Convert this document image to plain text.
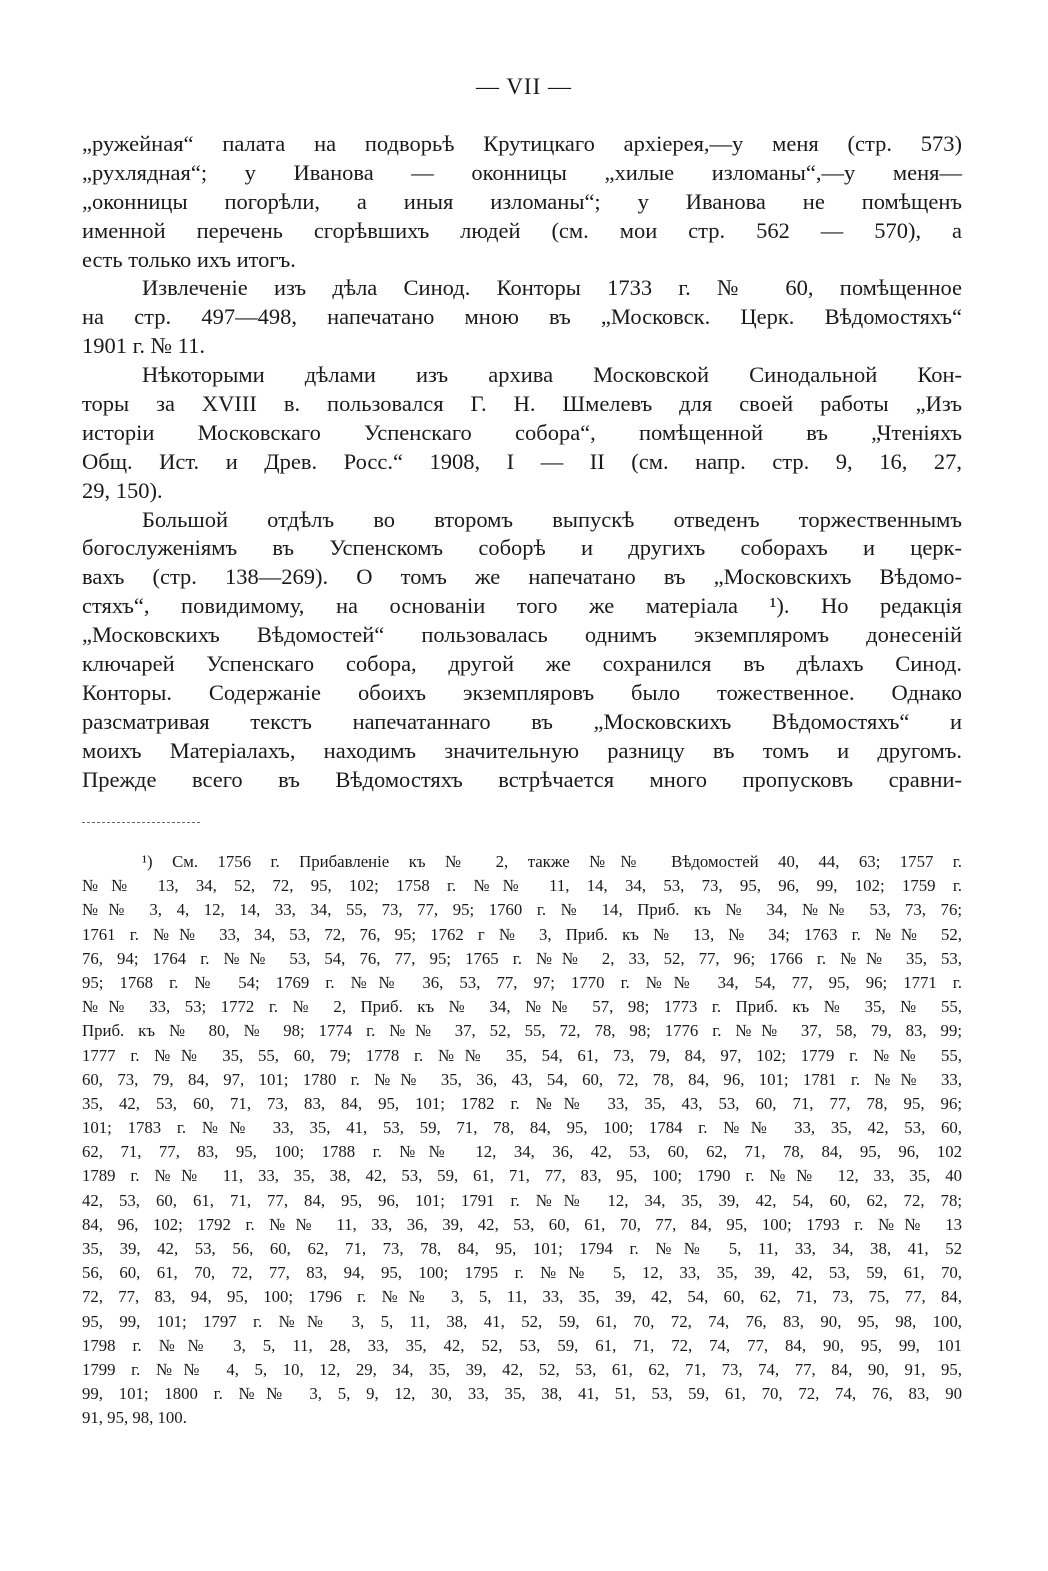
— VII —
„ружейная“ палата на подворьѣ Крутицкаго архіерея,—у меня (стр. 573)
„рухлядная“; у Иванова — оконницы „хилые изломаны“,—у меня—
„оконницы погорѣли, а иныя изломаны“; у Иванова не помѣщенъ
именной перечень сгорѣвшихъ людей (см. мои стр. 562 — 570), а
есть только ихъ итогъ.
Извлеченіе изъ дѣла Синод. Конторы 1733 г. № 60, помѣщенное
на стр. 497—498, напечатано мною въ „Московск. Церк. Вѣдомостяхъ“
1901 г. № 11.
Нѣкоторыми дѣлами изъ архива Московской Синодальной Кон-
торы за XVIII в. пользовался Г. Н. Шмелевъ для своей работы „Изъ
исторіи Московскаго Успенскаго собора“, помѣщенной въ „Чтеніяхъ
Общ. Ист. и Древ. Росс.“ 1908, I — II (см. напр. стр. 9, 16, 27,
29, 150).
Большой отдѣлъ во второмъ выпускѣ отведенъ торжественнымъ
богослуженіямъ въ Успенскомъ соборѣ и другихъ соборахъ и церк-
вахъ (стр. 138—269). О томъ же напечатано въ „Московскихъ Вѣдомо-
стяхъ“, повидимому, на основаніи того же матеріала ¹). Но редакція
„Московскихъ Вѣдомостей“ пользовалась однимъ экземпляромъ донесеній
ключарей Успенскаго собора, другой же сохранился въ дѣлахъ Синод.
Конторы. Содержаніе обоихъ экземпляровъ было тожественное. Однако
разсматривая текстъ напечатаннаго въ „Московскихъ Вѣдомостяхъ“ и
моихъ Матеріалахъ, находимъ значительную разницу въ томъ и другомъ.
Прежде всего въ Вѣдомостяхъ встрѣчается много пропусковъ сравни-
¹) См. 1756 г. Прибавленіе къ № 2, также №№ Вѣдомостей 40, 44, 63; 1757 г.
№№ 13, 34, 52, 72, 95, 102; 1758 г. №№ 11, 14, 34, 53, 73, 95, 96, 99, 102; 1759 г.
№№ 3, 4, 12, 14, 33, 34, 55, 73, 77, 95; 1760 г. № 14, Приб. къ № 34, №№ 53, 73, 76;
1761 г. №№ 33, 34, 53, 72, 76, 95; 1762 г № 3, Приб. къ № 13, № 34; 1763 г. №№ 52,
76, 94; 1764 г. №№ 53, 54, 76, 77, 95; 1765 г. №№ 2, 33, 52, 77, 96; 1766 г. №№ 35, 53,
95; 1768 г. № 54; 1769 г. №№ 36, 53, 77, 97; 1770 г. №№ 34, 54, 77, 95, 96; 1771 г.
№№ 33, 53; 1772 г. № 2, Приб. къ № 34, №№ 57, 98; 1773 г. Приб. къ № 35, № 55,
Приб. къ № 80, № 98; 1774 г. №№ 37, 52, 55, 72, 78, 98; 1776 г. №№ 37, 58, 79, 83, 99;
1777 г. №№ 35, 55, 60, 79; 1778 г. №№ 35, 54, 61, 73, 79, 84, 97, 102; 1779 г. №№ 55,
60, 73, 79, 84, 97, 101; 1780 г. №№ 35, 36, 43, 54, 60, 72, 78, 84, 96, 101; 1781 г. №№ 33,
35, 42, 53, 60, 71, 73, 83, 84, 95, 101; 1782 г. №№ 33, 35, 43, 53, 60, 71, 77, 78, 95, 96;
101; 1783 г. №№ 33, 35, 41, 53, 59, 71, 78, 84, 95, 100; 1784 г. №№ 33, 35, 42, 53, 60,
62, 71, 77, 83, 95, 100; 1788 г. №№ 12, 34, 36, 42, 53, 60, 62, 71, 78, 84, 95, 96, 102
1789 г. №№ 11, 33, 35, 38, 42, 53, 59, 61, 71, 77, 83, 95, 100; 1790 г. №№ 12, 33, 35, 40
42, 53, 60, 61, 71, 77, 84, 95, 96, 101; 1791 г. №№ 12, 34, 35, 39, 42, 54, 60, 62, 72, 78;
84, 96, 102; 1792 г. №№ 11, 33, 36, 39, 42, 53, 60, 61, 70, 77, 84, 95, 100; 1793 г. №№ 13
35, 39, 42, 53, 56, 60, 62, 71, 73, 78, 84, 95, 101; 1794 г. №№ 5, 11, 33, 34, 38, 41, 52
56, 60, 61, 70, 72, 77, 83, 94, 95, 100; 1795 г. №№ 5, 12, 33, 35, 39, 42, 53, 59, 61, 70,
72, 77, 83, 94, 95, 100; 1796 г. №№ 3, 5, 11, 33, 35, 39, 42, 54, 60, 62, 71, 73, 75, 77, 84,
95, 99, 101; 1797 г. №№ 3, 5, 11, 38, 41, 52, 59, 61, 70, 72, 74, 76, 83, 90, 95, 98, 100,
1798 г. №№ 3, 5, 11, 28, 33, 35, 42, 52, 53, 59, 61, 71, 72, 74, 77, 84, 90, 95, 99, 101
1799 г. №№ 4, 5, 10, 12, 29, 34, 35, 39, 42, 52, 53, 61, 62, 71, 73, 74, 77, 84, 90, 91, 95,
99, 101; 1800 г. №№ 3, 5, 9, 12, 30, 33, 35, 38, 41, 51, 53, 59, 61, 70, 72, 74, 76, 83, 90
91, 95, 98, 100.
